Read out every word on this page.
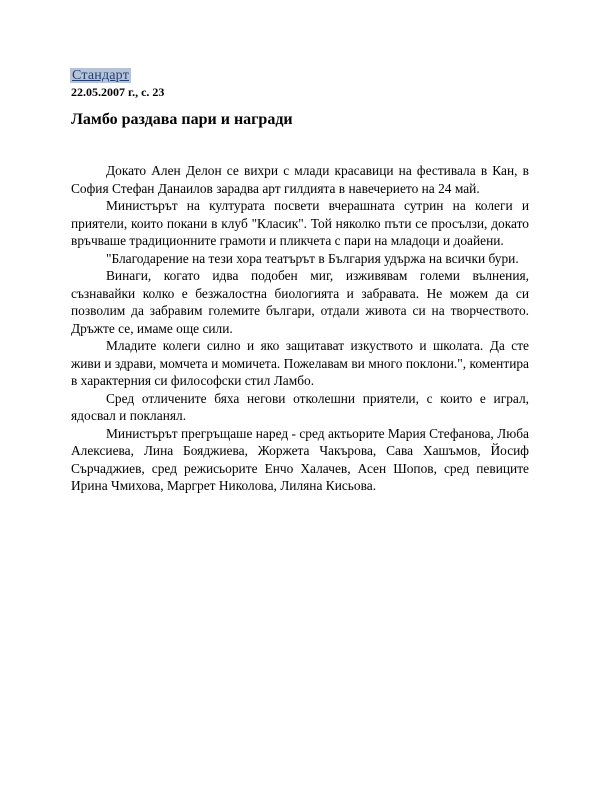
Стандарт
22.05.2007 г., с. 23
Ламбо раздава пари и награди

Докато Ален Делон се вихри с млади красавици на фестивала в Кан, в София Стефан Данаилов зарадва арт гилдията в навечерието на 24 май.

Министърът на културата посвети вчерашната сутрин на колеги и приятели, които покани в клуб "Класик". Той няколко пъти се просълзи, докато връчваше традиционните грамоти и пликчета с пари на младоци и доайени.

"Благодарение на тези хора театърът в България удържа на всички бури.

Винаги, когато идва подобен миг, изживявам големи вълнения, съзнавайки колко е безжалостна биологията и забравата. Не можем да си позволим да забравим големите българи, отдали живота си на творчеството. Дръжте се, имаме още сили.

Младите колеги силно и яко защитават изкуството и школата. Да сте живи и здрави, момчета и момичета. Пожелавам ви много поклони.", коментира в характерния си философски стил Ламбо.

Сред отличените бяха негови отколешни приятели, с които е играл, ядосвал и покланял.

Министърът прегръщаше наред - сред актьорите Мария Стефанова, Люба Алексиева, Лина Бояджиева, Жоржета Чакърова, Сава Хашъмов, Йосиф Сърчаджиев, сред режисьорите Енчо Халачев, Асен Шопов, сред певиците Ирина Чмихова, Маргрет Николова, Лиляна Кисьова.
